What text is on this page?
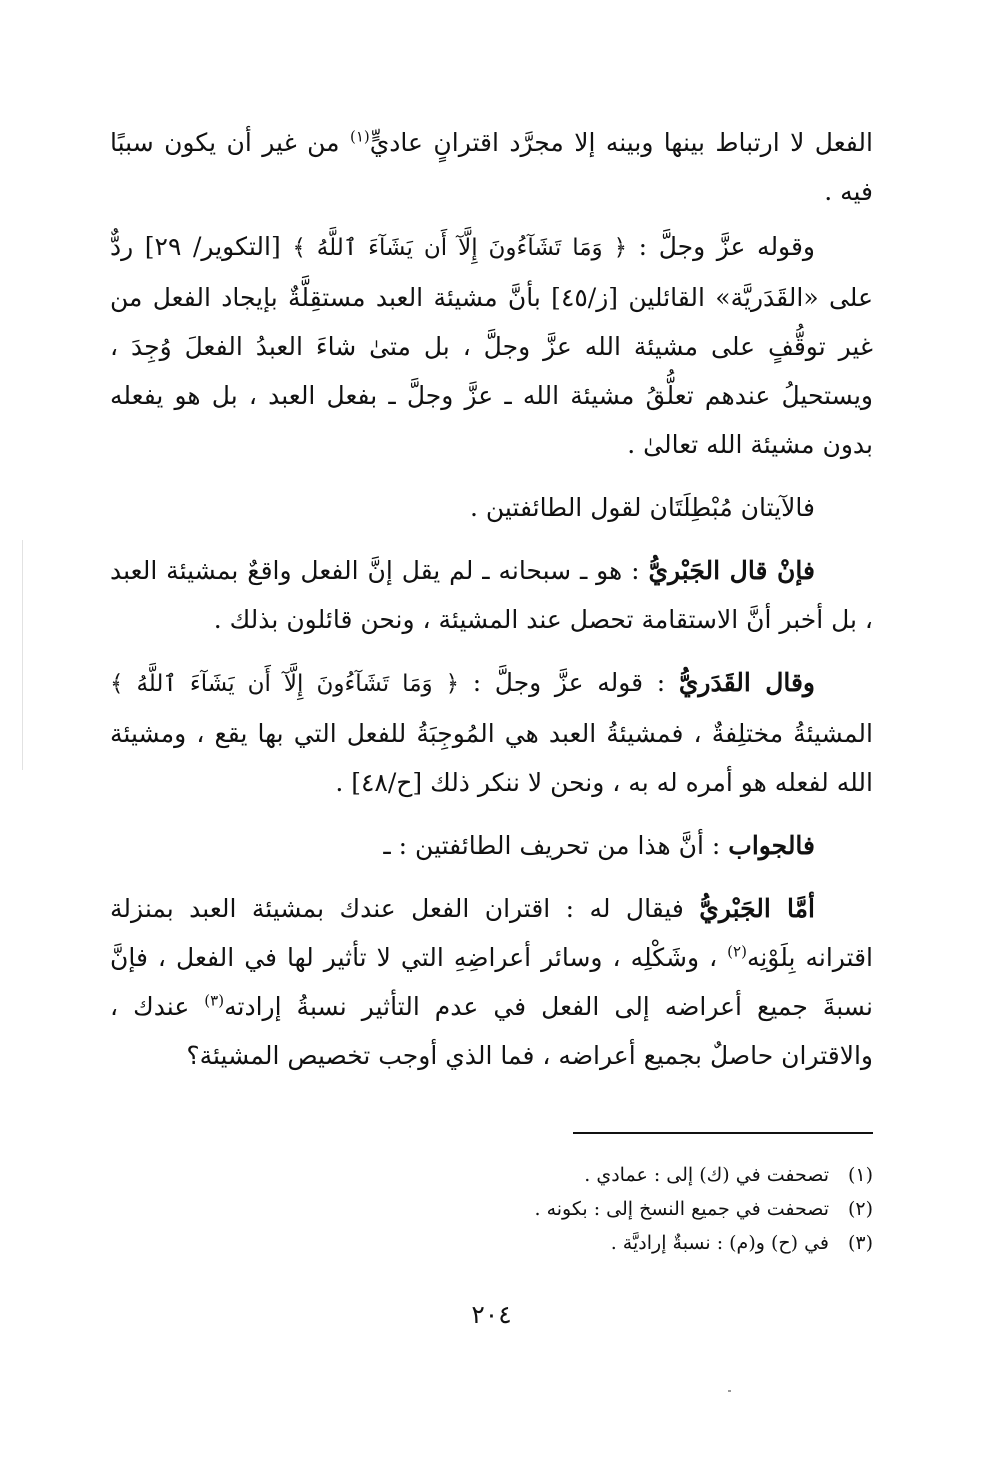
الفعل لا ارتباط بينها وبينه إلا مجرَّد اقترانٍ عاديٍّ$^{(١)}$ من غير أن يكون سببًا فيه .

وقوله عزَّ وجلَّ : ﴿ وَمَا تَشَآءُونَ إِلَّآ أَن يَشَآءَ ٱللَّهُ ﴾ [التكوير/ ٢٩] ردٌّ على «القَدَريَّة» القائلين [ز/٤٥] بأنَّ مشيئة العبد مستقِلَّةٌ بإيجاد الفعل من غير توقُّفٍ على مشيئة الله عزَّ وجلَّ ، بل متىٰ شاءَ العبدُ الفعلَ وُجِدَ ، ويستحيلُ عندهم تعلُّقُ مشيئة الله ـ عزَّ وجلَّ ـ بفعل العبد ، بل هو يفعله بدون مشيئة الله تعالىٰ .

فالآيتان مُبْطِلَتَان لقول الطائفتين .

فإنْ قال الجَبْريُّ : هو ـ سبحانه ـ لم يقل إنَّ الفعل واقعٌ بمشيئة العبد ، بل أخبر أنَّ الاستقامة تحصل عند المشيئة ، ونحن قائلون بذلك .

وقال القَدَريُّ : قوله عزَّ وجلَّ : ﴿ وَمَا تَشَآءُونَ إِلَّآ أَن يَشَآءَ ٱللَّهُ ﴾ المشيئةُ مختلِفةٌ ، فمشيئةُ العبد هي المُوجِبَةُ للفعل التي بها يقع ، ومشيئة الله لفعله هو أمره له به ، ونحن لا ننكر ذلك [ح/٤٨] .

فالجواب : أنَّ هذا من تحريف الطائفتين : ـ

أمَّا الجَبْريُّ فيقال له : اقتران الفعل عندك بمشيئة العبد بمنزلة اقترانه بِلَوْنِه$^{(٢)}$ ، وشَكْلِه ، وسائر أعراضِهِ التي لا تأثير لها في الفعل ، فإنَّ نسبةَ جميع أعراضه إلى الفعل في عدم التأثير نسبةُ إرادته$^{(٣)}$ عندك ، والاقتران حاصلٌ بجميع أعراضه ، فما الذي أوجب تخصيص المشيئة؟

(١)تصحفت في (ك) إلى : عمادي .

(٢)تصحفت في جميع النسخ إلى : بكونه .

(٣)في (ح) و(م) : نسبةٌ إراديَّة .

٢٠٤
